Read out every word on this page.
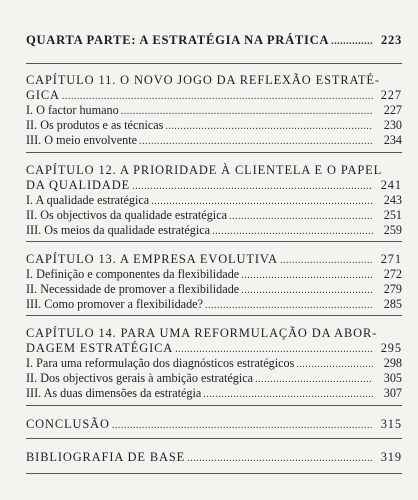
QUARTA PARTE: A ESTRATÉGIA NA PRÁTICA .....	223
CAPÍTULO 11. O NOVO JOGO DA REFLEXÃO ESTRATÉ-
GICA .....	227
I. O factor humano .....	227
II. Os produtos e as técnicas .....	230
III. O meio envolvente .....	234
CAPÍTULO 12. A PRIORIDADE À CLIENTELA E O PAPEL
DA QUALIDADE .....	241
I. A qualidade estratégica .....	243
II. Os objectivos da qualidade estratégica .....	251
III. Os meios da qualidade estratégica .....	259
CAPÍTULO 13. A EMPRESA EVOLUTIVA .....	271
I. Definição e componentes da flexibilidade .....	272
II. Necessidade de promover a flexibilidade .....	279
III. Como promover a flexibilidade? .....	285
CAPÍTULO 14. PARA UMA REFORMULAÇÃO DA ABOR-
DAGEM ESTRATÉGICA .....	295
I. Para uma reformulação dos diagnósticos estratégicos .....	298
II. Dos objectivos gerais à ambição estratégica .....	305
III. As duas dimensões da estratégia .....	307
CONCLUSÃO .....	315
BIBLIOGRAFIA DE BASE .....	319
